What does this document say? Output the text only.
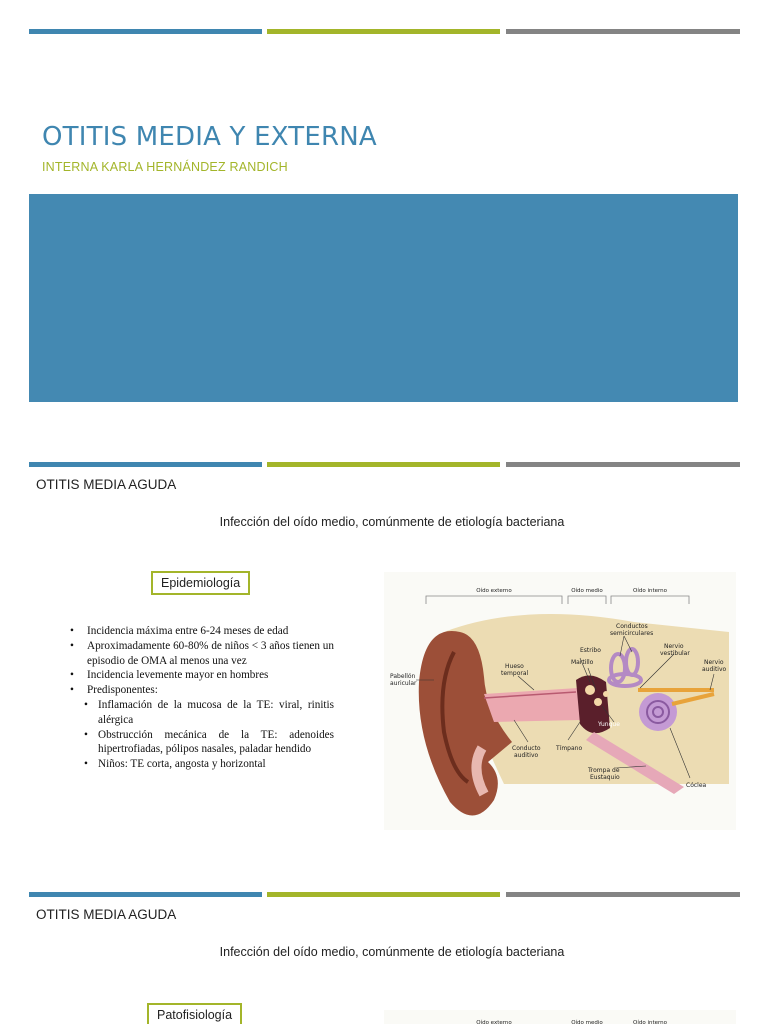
OTITIS MEDIA Y EXTERNA
INTERNA KARLA HERNÁNDEZ RANDICH
OTITIS MEDIA AGUDA
Infección del oído medio, comúnmente de etiología bacteriana
Epidemiología

• Incidencia máxima entre 6-24 meses de edad

• Aproximadamente 60-80% de niños < 3 años tienen un episodio de OMA al menos una vez

• Incidencia levemente mayor en hombres

• Predisponentes:

• Inflamación de la mucosa de la TE: viral, rinitis alérgica

• Obstrucción mecánica de la TE: adenoides hipertrofiadas, pólipos nasales, paladar hendido

• Niños: TE corta, angosta y horizontal

Oído externo	Oído medio	Oído interno
Pabellón
auricular
Hueso
temporal
Estribo
Martillo
Conductos
semicirculares
Nervio
vestibular
Nervio
auditivo
Yunque
Conducto
auditivo
Tímpano
Trompa de
Eustaquio
Cóclea
OTITIS MEDIA AGUDA
Infección del oído medio, comúnmente de etiología bacteriana
Patofisiología
Oído externo	Oído medio	Oído interno
